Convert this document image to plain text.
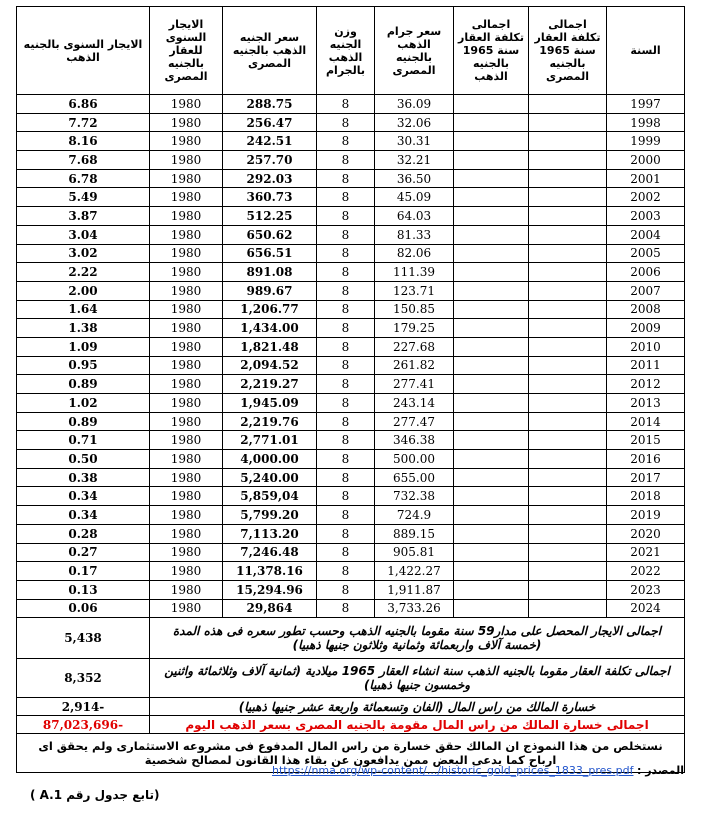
السنة	اجمالى تكلفة العقار سنة 1965 بالجنيه المصرى	اجمالى تكلفة العقار سنة 1965 بالجنيه الذهب	سعر جرام الذهب بالجنيه المصرى	وزن الجنيه الذهب بالجرام	سعر الجنيه الذهب بالجنيه المصرى	الايجار السنوى للعقار بالجنيه المصرى	الايجار السنوى بالجنيه الذهب
1997			36.09	8	288.75	1980	6.86
1998			32.06	8	256.47	1980	7.72
1999			30.31	8	242.51	1980	8.16
2000			32.21	8	257.70	1980	7.68
2001			36.50	8	292.03	1980	6.78
2002			45.09	8	360.73	1980	5.49
2003			64.03	8	512.25	1980	3.87
2004			81.33	8	650.62	1980	3.04
2005			82.06	8	656.51	1980	3.02
2006			111.39	8	891.08	1980	2.22
2007			123.71	8	989.67	1980	2.00
2008			150.85	8	1,206.77	1980	1.64
2009			179.25	8	1,434.00	1980	1.38
2010			227.68	8	1,821.48	1980	1.09
2011			261.82	8	2,094.52	1980	0.95
2012			277.41	8	2,219.27	1980	0.89
2013			243.14	8	1,945.09	1980	1.02
2014			277.47	8	2,219.76	1980	0.89
2015			346.38	8	2,771.01	1980	0.71
2016			500.00	8	4,000.00	1980	0.50
2017			655.00	8	5,240.00	1980	0.38
2018			732.38	8	5,859,04	1980	0.34
2019			724.9	8	5,799.20	1980	0.34
2020			889.15	8	7,113.20	1980	0.28
2021			905.81	8	7,246.48	1980	0.27
2022			1,422.27	8	11,378.16	1980	0.17
2023			1,911.87	8	15,294.96	1980	0.13
2024			3,733.26	8	29,864	1980	0.06
اجمالى الايجار المحصل على مدار59 سنة مقوما بالجنيه الذهب وحسب تطور سعره فى هذه المدة (خمسة آلاف واربعمائة وثمانية وثلاثون جنيها ذهبيا)							5,438
اجمالى تكلفة العقار مقوما بالجنيه الذهب سنة انشاء العقار 1965 ميلادية (ثمانية آلاف وثلاثمائة واثنين وخمسون جنيها ذهبيا)							8,352
خسارة المالك من راس المال (الفان وتسعمائة واربعة عشر جنيها ذهبيا)							-2,914
اجمالى خسارة المالك من راس المال مقومة بالجنيه المصرى بسعر الذهب اليوم							-87,023,696
نستخلص من هذا النموذج ان المالك حقق خسارة من راس المال المدفوع فى مشروعه الاستثمارى ولم يحقق اى ارباح كما يدعى البعض ممن يدافعون عن بقاء هذا القانون لمصالح شخصية							
المصدر : https://nma.org/wp-content/.../historic_gold_prices_1833_pres.pdf
(تابع جدول رقم A.1 )
